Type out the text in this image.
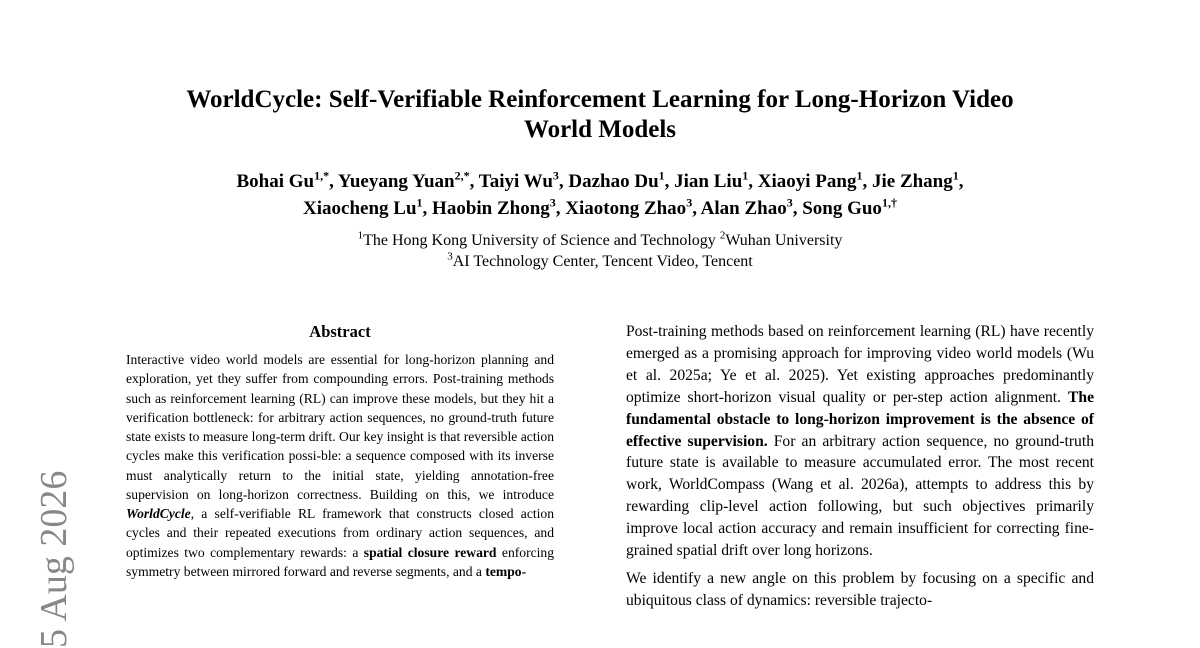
WorldCycle: Self-Verifiable Reinforcement Learning for Long-Horizon Video
World Models
Bohai $Gu^{1,*}$, Yueyang Yuan$^{2,*}$, Taiyi Wu$^3$, Dazhao Du$^1$, Jian Liu$^1$, Xiaoyi Pang$^1$, Jie Zhang$^1$,
Xiaocheng Lu$^1$, Haobin Zhong$^3$, Xiaotong Zhao$^3$, Alan Zhao$^3$, Song Guo$^{1,\dagger}$
$^1$The Hong Kong University of Science and Technology $^2$Wuhan University
$^3$AI Technology Center, Tencent Video, Tencent
Abstract

Interactive video world models are essential for long-horizon planning and exploration, yet they suffer from compounding errors. Post-training methods such as reinforcement learning (RL) can improve these models, but they hit a verification bottleneck: for arbitrary action sequences, no ground-truth future state exists to measure long-term drift. Our key insight is that reversible action cycles make this verification possi-ble: a sequence composed with its inverse must analytically return to the initial state, yielding annotation-free supervision on long-horizon correctness. Building on this, we introduce WorldCycle, a self-verifiable RL framework that constructs closed action cycles and their repeated executions from ordinary action sequences, and optimizes two complementary rewards: a spatial closure reward enforcing symmetry between mirrored forward and reverse segments, and a tempo-

Post-training methods based on reinforcement learning (RL) have recently emerged as a promising approach for improving video world models (Wu et al. 2025a; Ye et al. 2025). Yet existing approaches predominantly optimize short-horizon visual quality or per-step action alignment. The fundamental obstacle to long-horizon improvement is the absence of effective supervision. For an arbitrary action sequence, no ground-truth future state is available to measure accumulated error. The most recent work, WorldCompass (Wang et al. 2026a), attempts to address this by rewarding clip-level action following, but such objectives primarily improve local action accuracy and remain insufficient for correcting fine-grained spatial drift over long horizons.

We identify a new angle on this problem by focusing on a specific and ubiquitous class of dynamics: reversible trajecto-

5 Aug 2026
